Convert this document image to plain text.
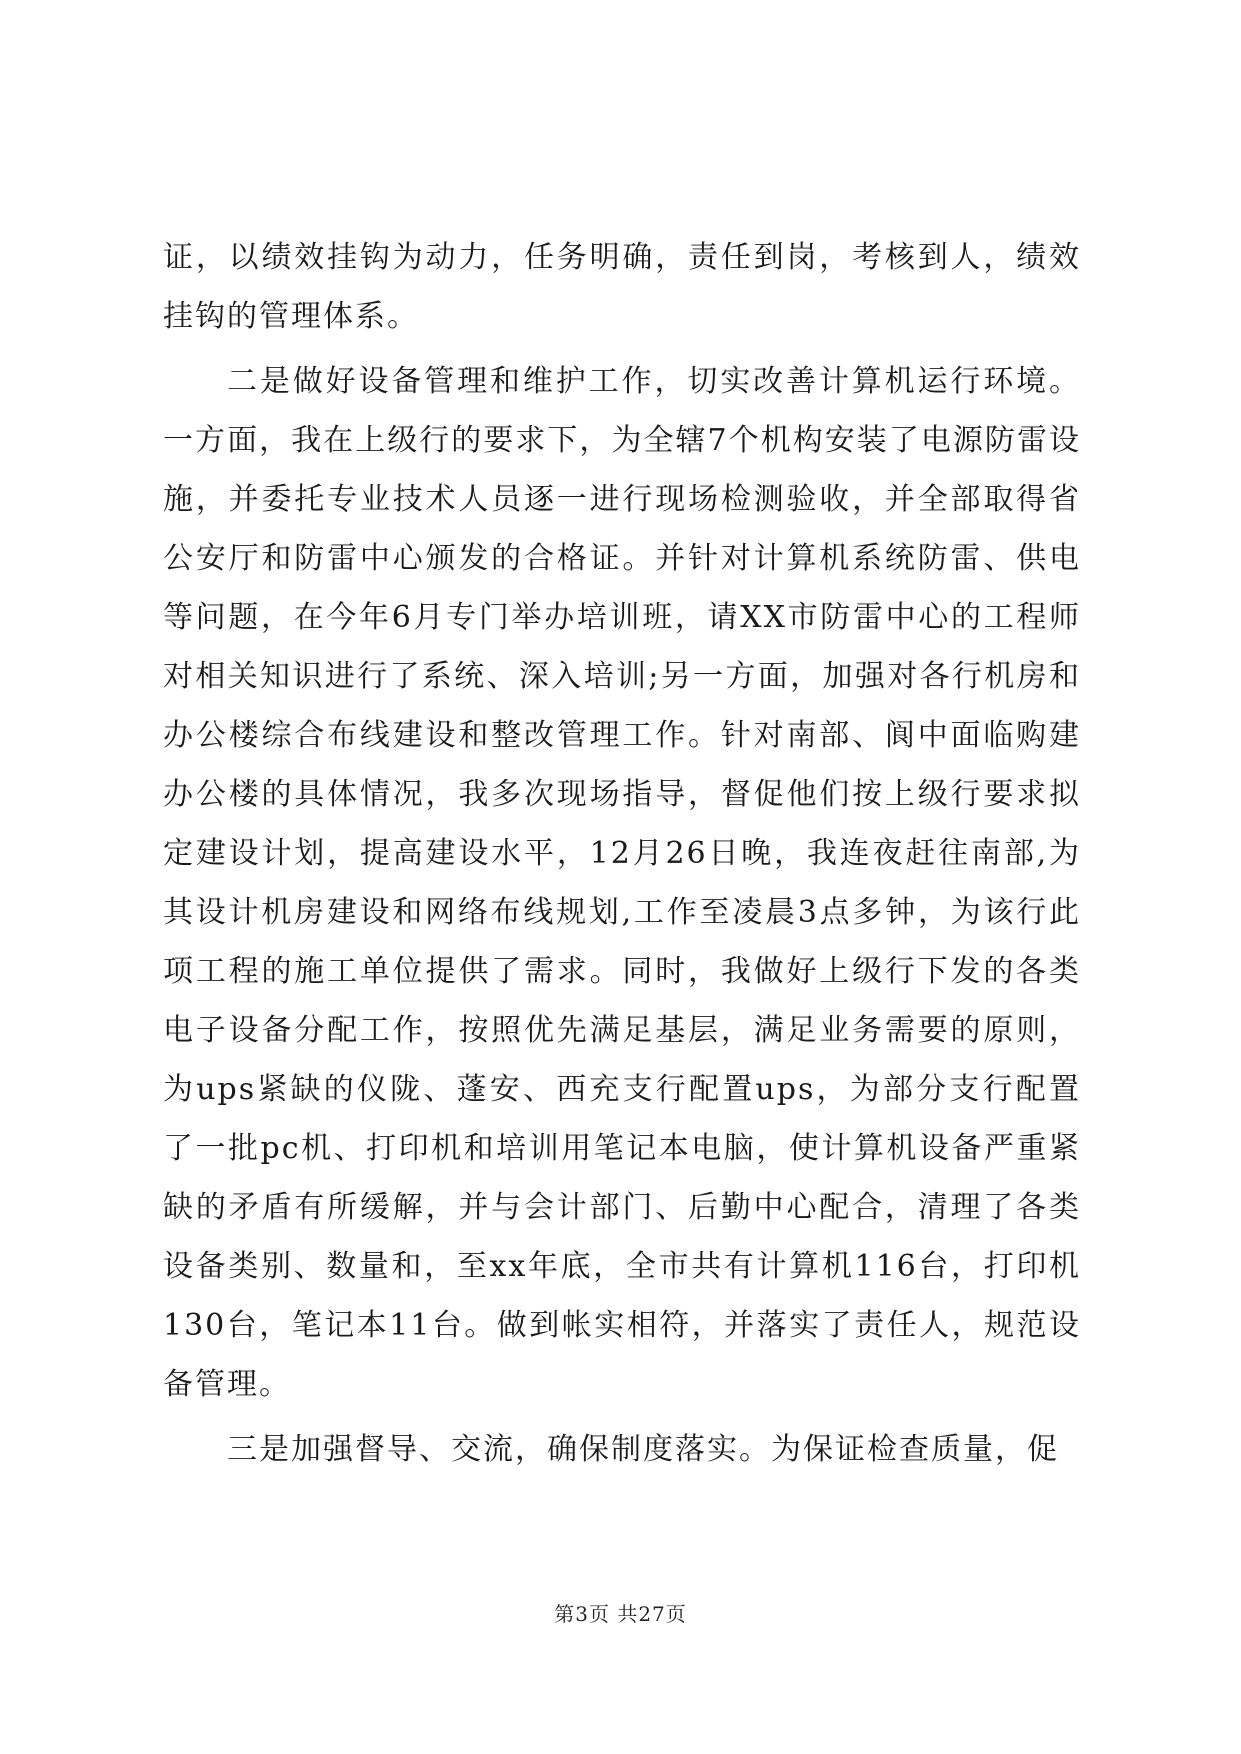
证，以绩效挂钩为动力，任务明确，责任到岗，考核到人，绩效挂钩的管理体系。

二是做好设备管理和维护工作，切实改善计算机运行环境。一方面，我在上级行的要求下，为全辖7个机构安装了电源防雷设施，并委托专业技术人员逐一进行现场检测验收，并全部取得省公安厅和防雷中心颁发的合格证。并针对计算机系统防雷、供电等问题，在今年6月专门举办培训班，请XX市防雷中心的工程师对相关知识进行了系统、深入培训;另一方面，加强对各行机房和办公楼综合布线建设和整改管理工作。针对南部、阆中面临购建办公楼的具体情况，我多次现场指导，督促他们按上级行要求拟定建设计划，提高建设水平，12月26日晚，我连夜赶往南部,为其设计机房建设和网络布线规划,工作至凌晨3点多钟，为该行此项工程的施工单位提供了需求。同时，我做好上级行下发的各类电子设备分配工作，按照优先满足基层，满足业务需要的原则，为ups紧缺的仪陇、蓬安、西充支行配置ups，为部分支行配置了一批pc机、打印机和培训用笔记本电脑，使计算机设备严重紧缺的矛盾有所缓解，并与会计部门、后勤中心配合，清理了各类设备类别、数量和，至xx年底，全市共有计算机116台，打印机130台，笔记本11台。做到帐实相符，并落实了责任人，规范设备管理。

三是加强督导、交流，确保制度落实。为保证检查质量，促

第3页 共27页
